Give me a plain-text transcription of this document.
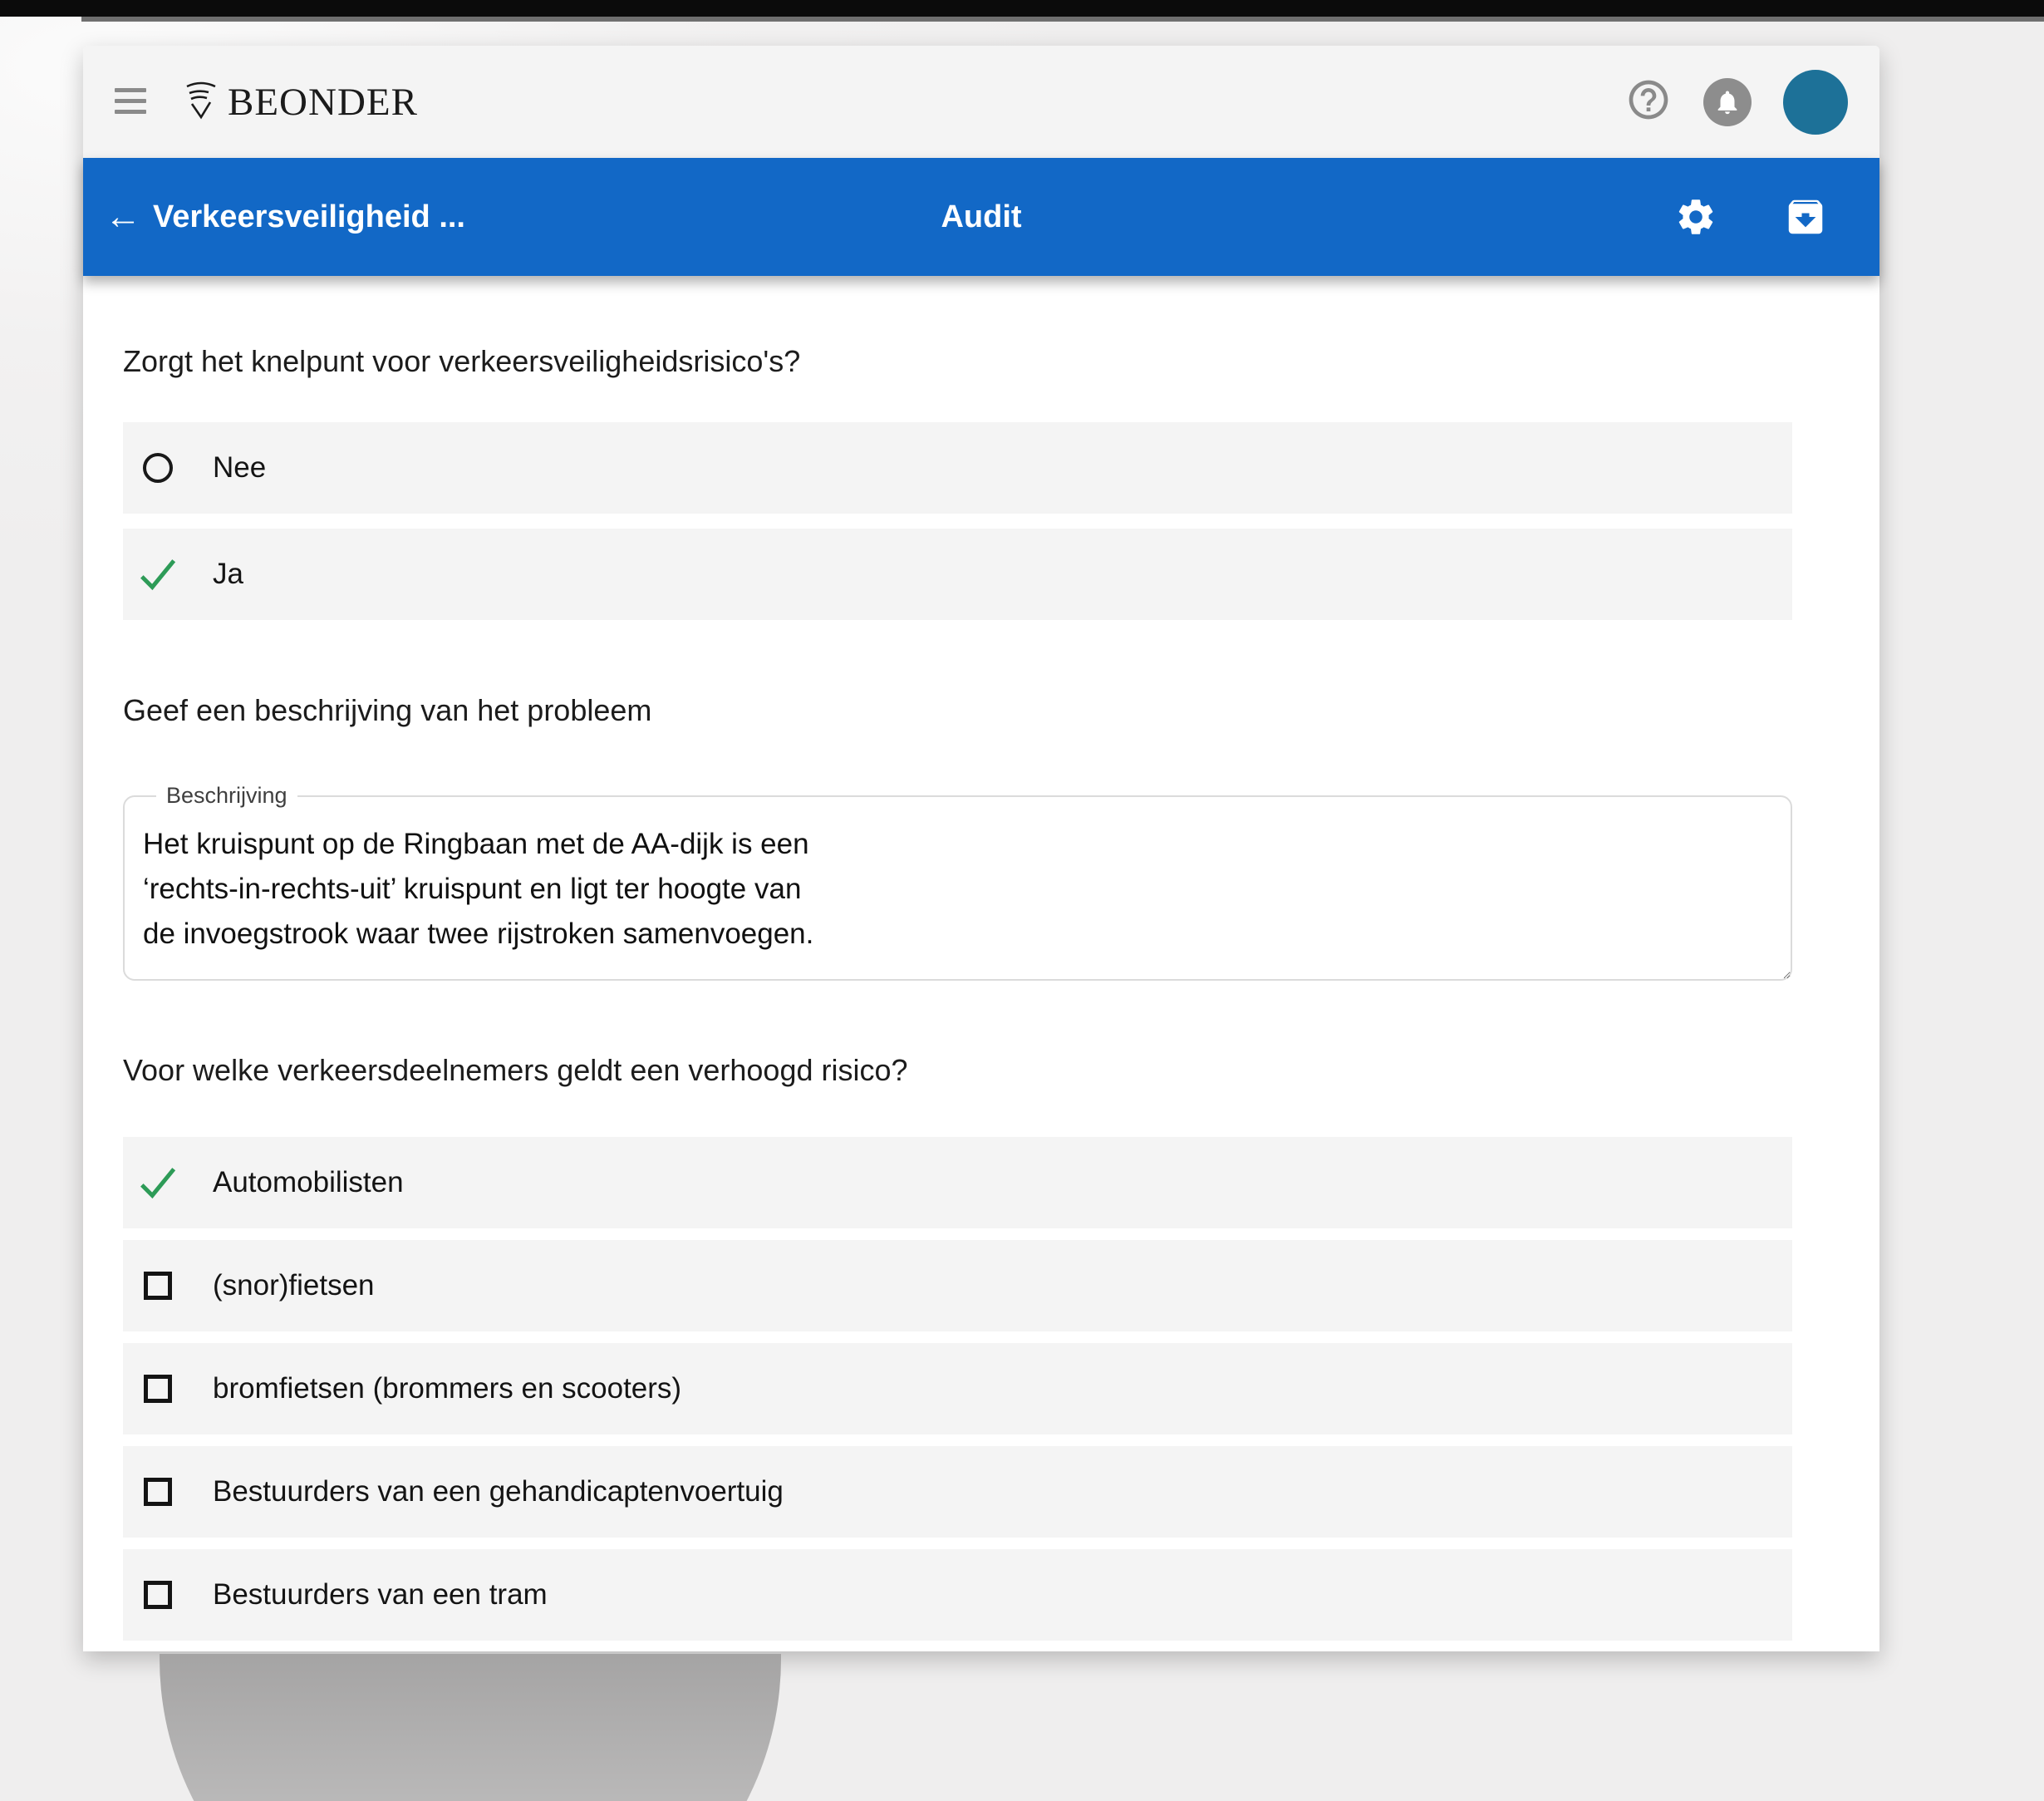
BEONDER
← Verkeersveiligheid ...	Audit
Zorgt het knelpunt voor verkeersveiligheidsrisico's?
Nee
Ja
Geef een beschrijving van het probleem
Beschrijving
Het kruispunt op de Ringbaan met de AA-dijk is een ‘rechts-in-rechts-uit’ kruispunt en ligt ter hoogte van de invoegstrook waar twee rijstroken samenvoegen.
Voor welke verkeersdeelnemers geldt een verhoogd risico?
Automobilisten
(snor)fietsen
bromfietsen (brommers en scooters)
Bestuurders van een gehandicaptenvoertuig
Bestuurders van een tram
